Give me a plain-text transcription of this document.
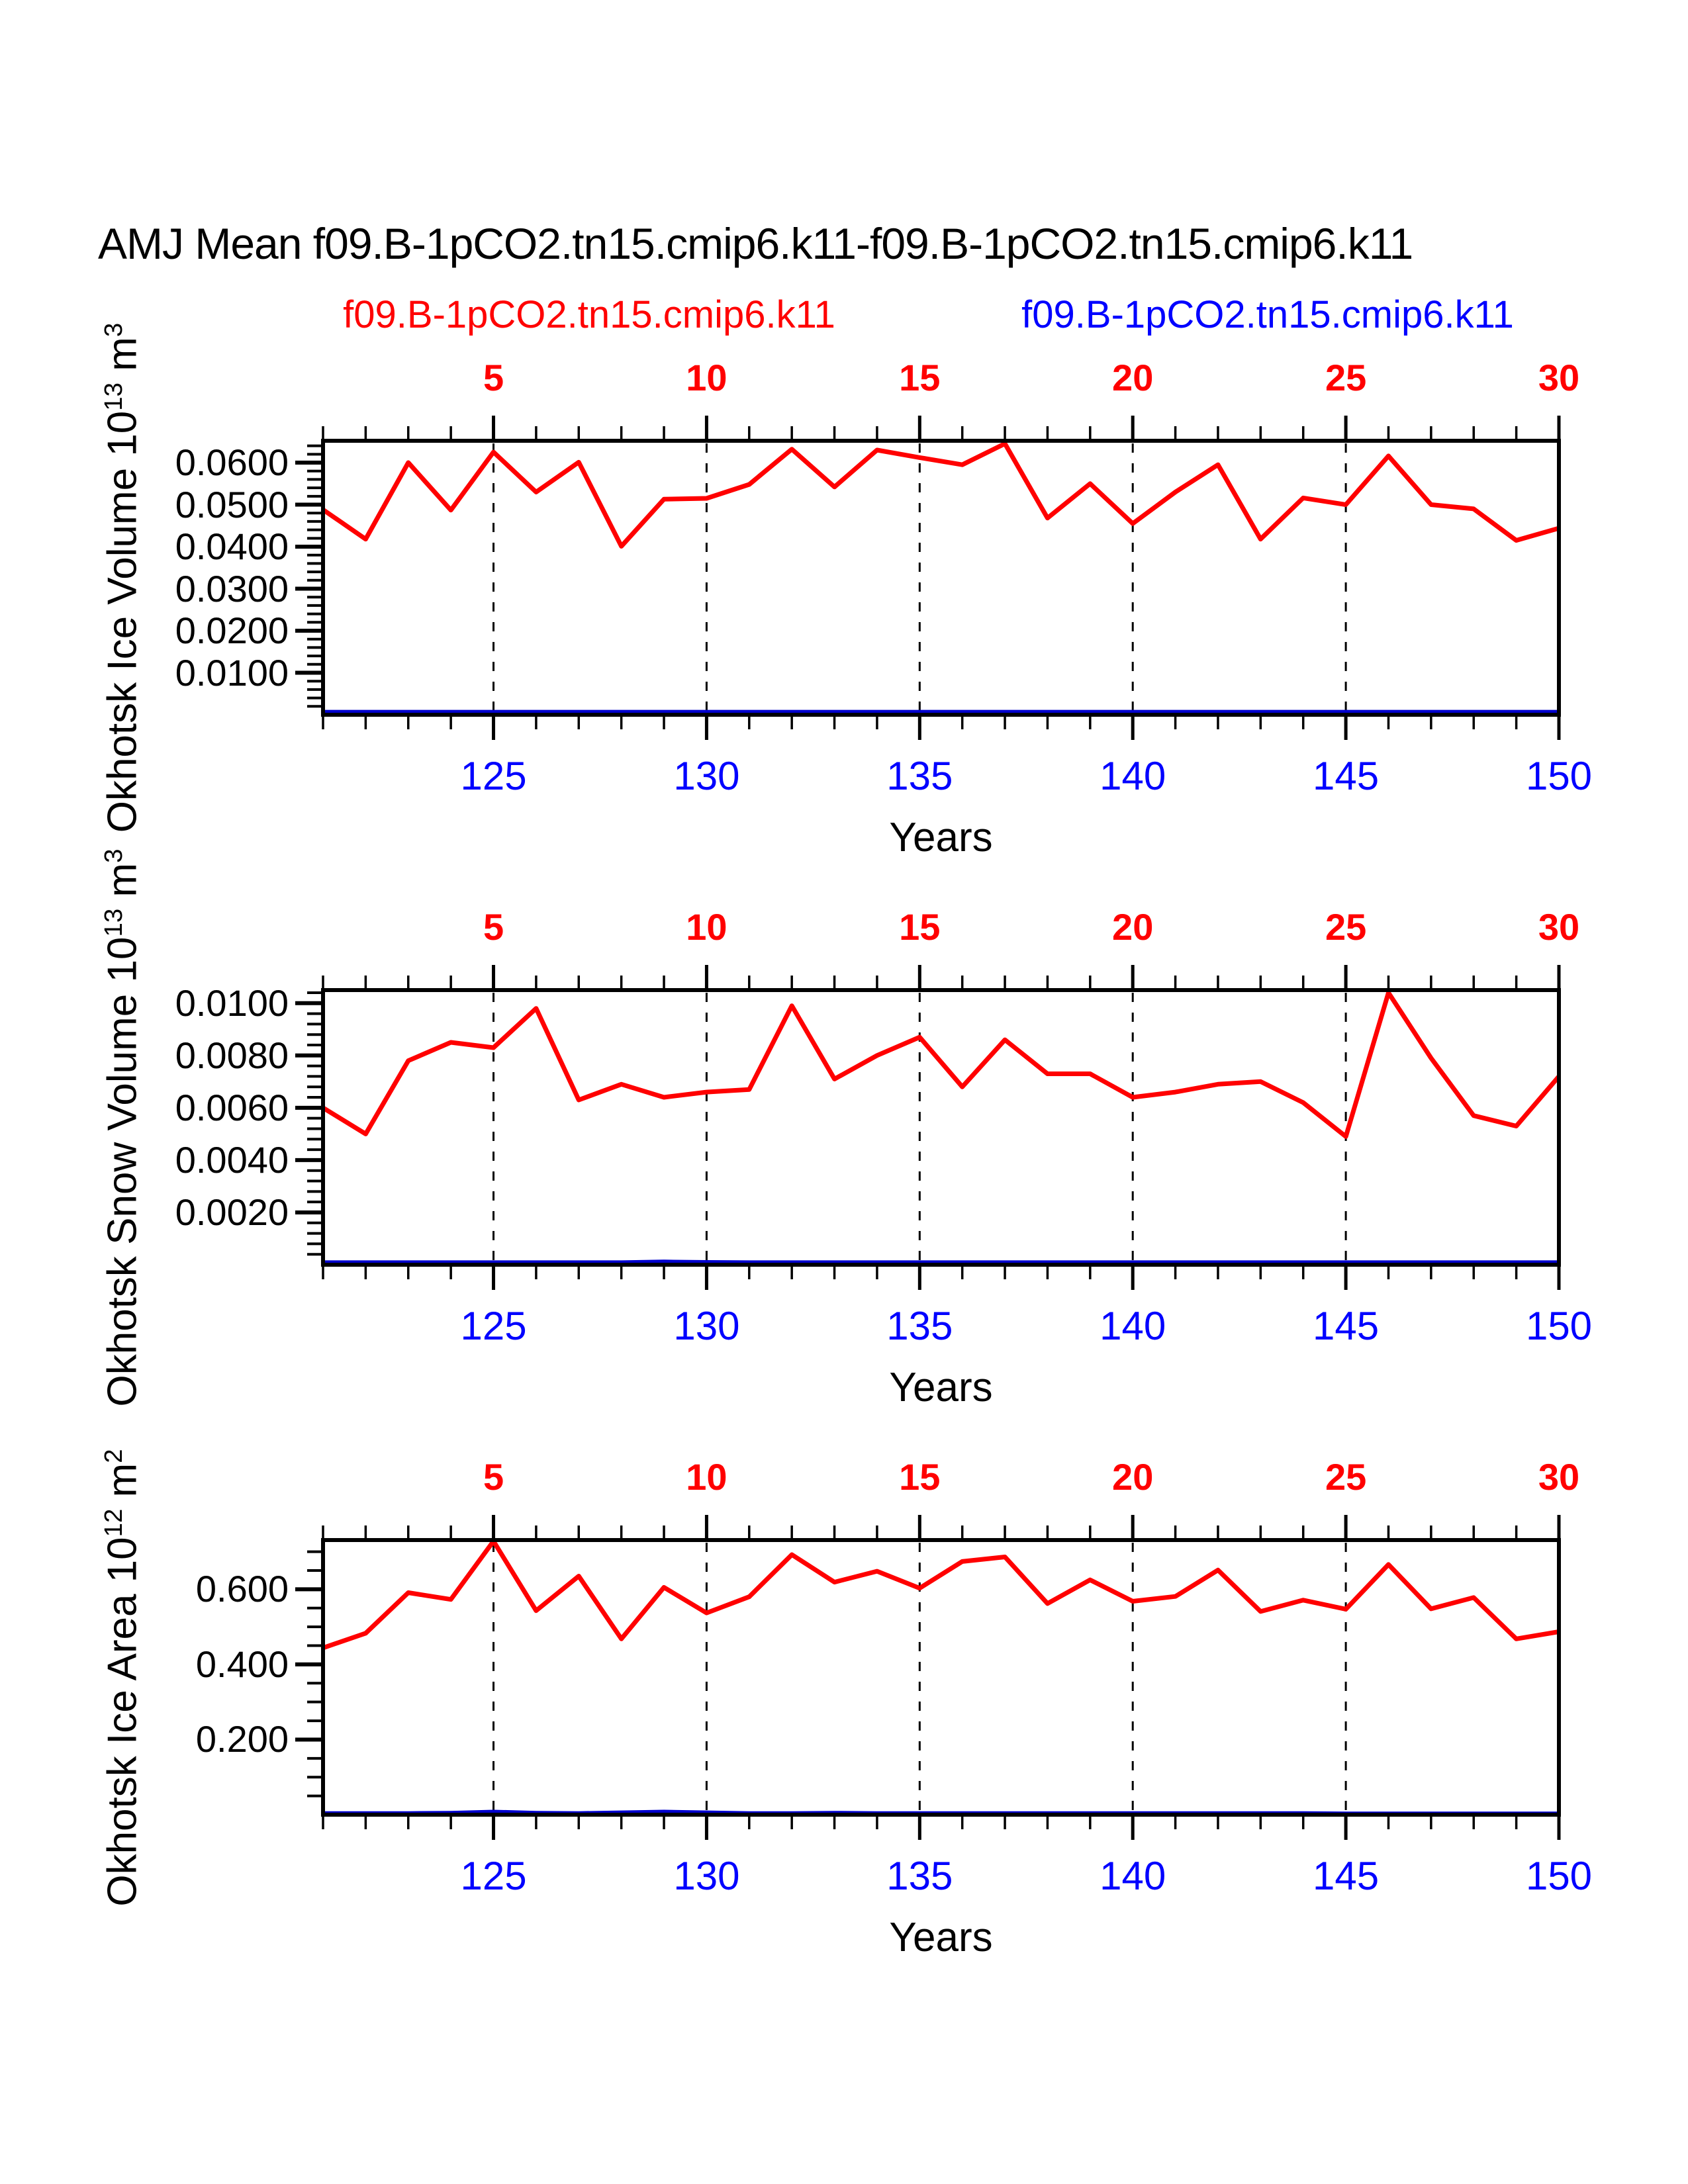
AMJ Mean f09.B-1pCO2.tn15.cmip6.k11-f09.B-1pCO2.tn15.cmip6.k11
f09.B-1pCO2.tn15.cmip6.k11	f09.B-1pCO2.tn15.cmip6.k11
0.0600
0.0500
0.0400
0.0300
0.0200
0.0100
5
125
10
130
15
135
20
140
25
145
30
150
Years
Okhotsk Ice Volume $10^{13}$ $m^3$
0.0100
0.0080
0.0060
0.0040
0.0020
5
125
10
130
15
135
20
140
25
145
30
150
Years
Okhotsk Snow Volume $10^{13}$ $m^3$
0.600
0.400
0.200
5
125
10
130
15
135
20
140
25
145
30
150
Years
Okhotsk Ice Area $10^{12}$ $m^2$
